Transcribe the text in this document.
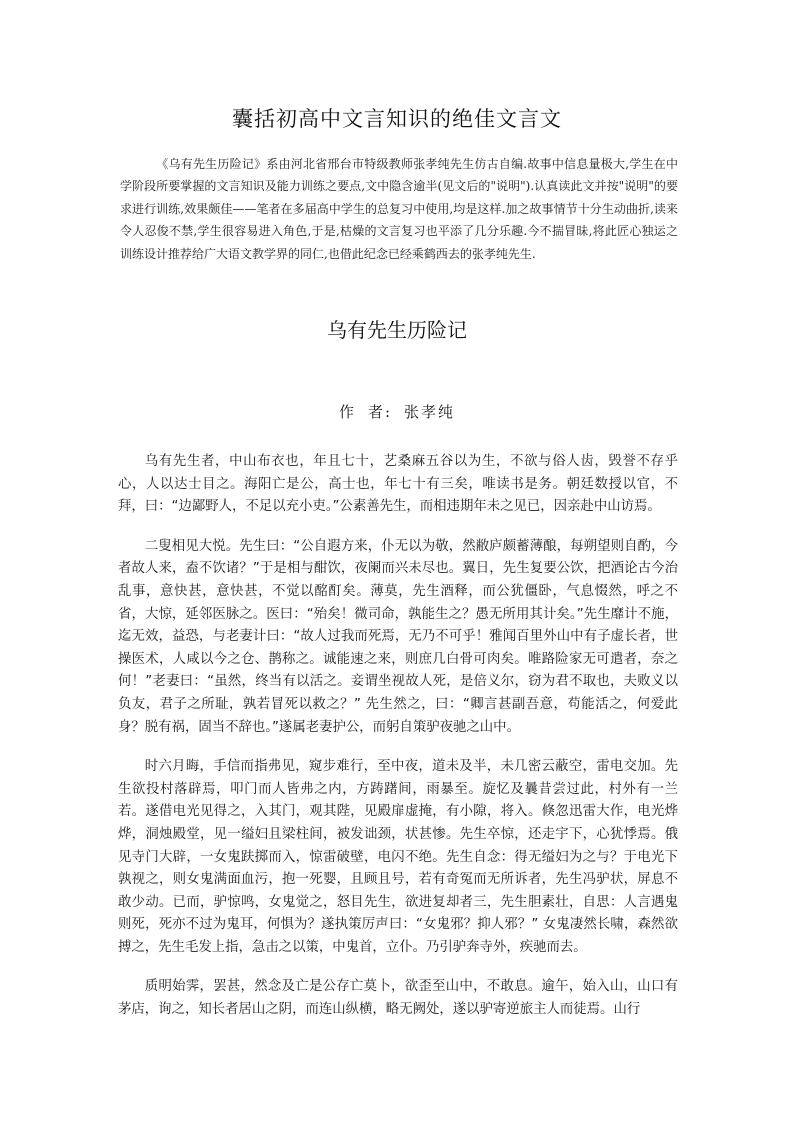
囊括初高中文言知识的绝佳文言文
《乌有先生历险记》系由河北省邢台市特级教师张孝纯先生仿古自编.故事中信息量极大,学生在中学阶段所要掌握的文言知识及能力训练之要点,文中隐含逾半(见文后的"说明").认真读此文并按"说明"的要求进行训练,效果颇佳——笔者在多届高中学生的总复习中使用,均是这样.加之故事情节十分生动曲折,读来令人忍俊不禁,学生很容易进入角色,于是,枯燥的文言复习也平添了几分乐趣.今不揣冒昧,将此匠心独运之训练设计推荐给广大语文教学界的同仁,也借此纪念已经乘鹤西去的张孝纯先生.
乌有先生历险记
作 者: 张孝纯

乌有先生者，中山布衣也，年且七十，艺桑麻五谷以为生，不欲与俗人齿，毁誉不存乎心，人以达士目之。海阳亡是公，高士也，年七十有三矣，唯读书是务。朝廷数授以官，不拜，曰：“边鄙野人，不足以充小吏。”公素善先生，而相违期年未之见已，因亲赴中山访焉。

二叟相见大悦。先生曰：“公自遐方来，仆无以为敬，然敝庐颇蓄薄酿，每朔望则自酌，今者故人来，盍不饮诸？”于是相与酣饮，夜阑而兴未尽也。翼日，先生复要公饮，把酒论古今治乱事，意快甚，意快甚，不觉以酩酊矣。薄莫，先生酒释，而公犹僵卧，气息惙然，呼之不省，大惊，延邻医脉之。医曰：“殆矣！微司命，孰能生之？愚无所用其计矣。”先生靡计不施，迄无效，益恐，与老妻计曰：“故人过我而死焉，无乃不可乎！雅闻百里外山中有子虚长者，世操医术，人咸以今之仓、鹊称之。诚能速之来，则庶几白骨可肉矣。唯路险家无可遣者，奈之何！”老妻曰：“虽然，终当有以活之。妾谓坐视故人死，是倍义尔，窃为君不取也，夫败义以负友，君子之所耻，孰若冒死以救之？” 先生然之，曰：“卿言甚副吾意，苟能活之，何爱此身？脱有祸，固当不辞也。”遂属老妻护公，而躬自策驴夜驰之山中。

时六月晦，手信而指弗见，窥步难行，至中夜，道未及半，未几密云蔽空，雷电交加。先生欲投村落辟焉，叩门而人皆弗之内，方踌躇间，雨暴至。旋忆及曩昔尝过此，村外有一兰若。遂借电光见得之，入其门，观其陛，见殿扉虚掩，有小隙，将入。倏忽迅雷大作，电光烨烨，洞烛殿堂，见一缢妇且梁柱间，被发诎颈，状甚惨。先生卒惊，还走宇下，心犹悸焉。俄见寺门大辟，一女鬼趺掷而入，惊雷破壁，电闪不绝。先生自念：得无缢妇为之与？于电光下孰视之，则女鬼满面血污，抱一死婴，且顾且号，若有奇冤而无所诉者，先生冯驴状，屏息不敢少动。已而，驴惊鸣，女鬼觉之，怒目先生，欲进复却者三，先生胆素壮，自思：人言遇鬼则死，死亦不过为鬼耳，何惧为？遂执策厉声曰：“女鬼邪？抑人邪？” 女鬼凄然长啸，森然欲搏之，先生毛发上指，急击之以策，中鬼首，立仆。乃引驴奔寺外，疾驰而去。

质明始霁，罢甚，然念及亡是公存亡莫卜，欲歪至山中，不敢息。逾午，始入山，山口有茅店，询之，知长者居山之阴，而连山纵横，略无阙处，遂以驴寄逆旅主人而徒焉。山行
